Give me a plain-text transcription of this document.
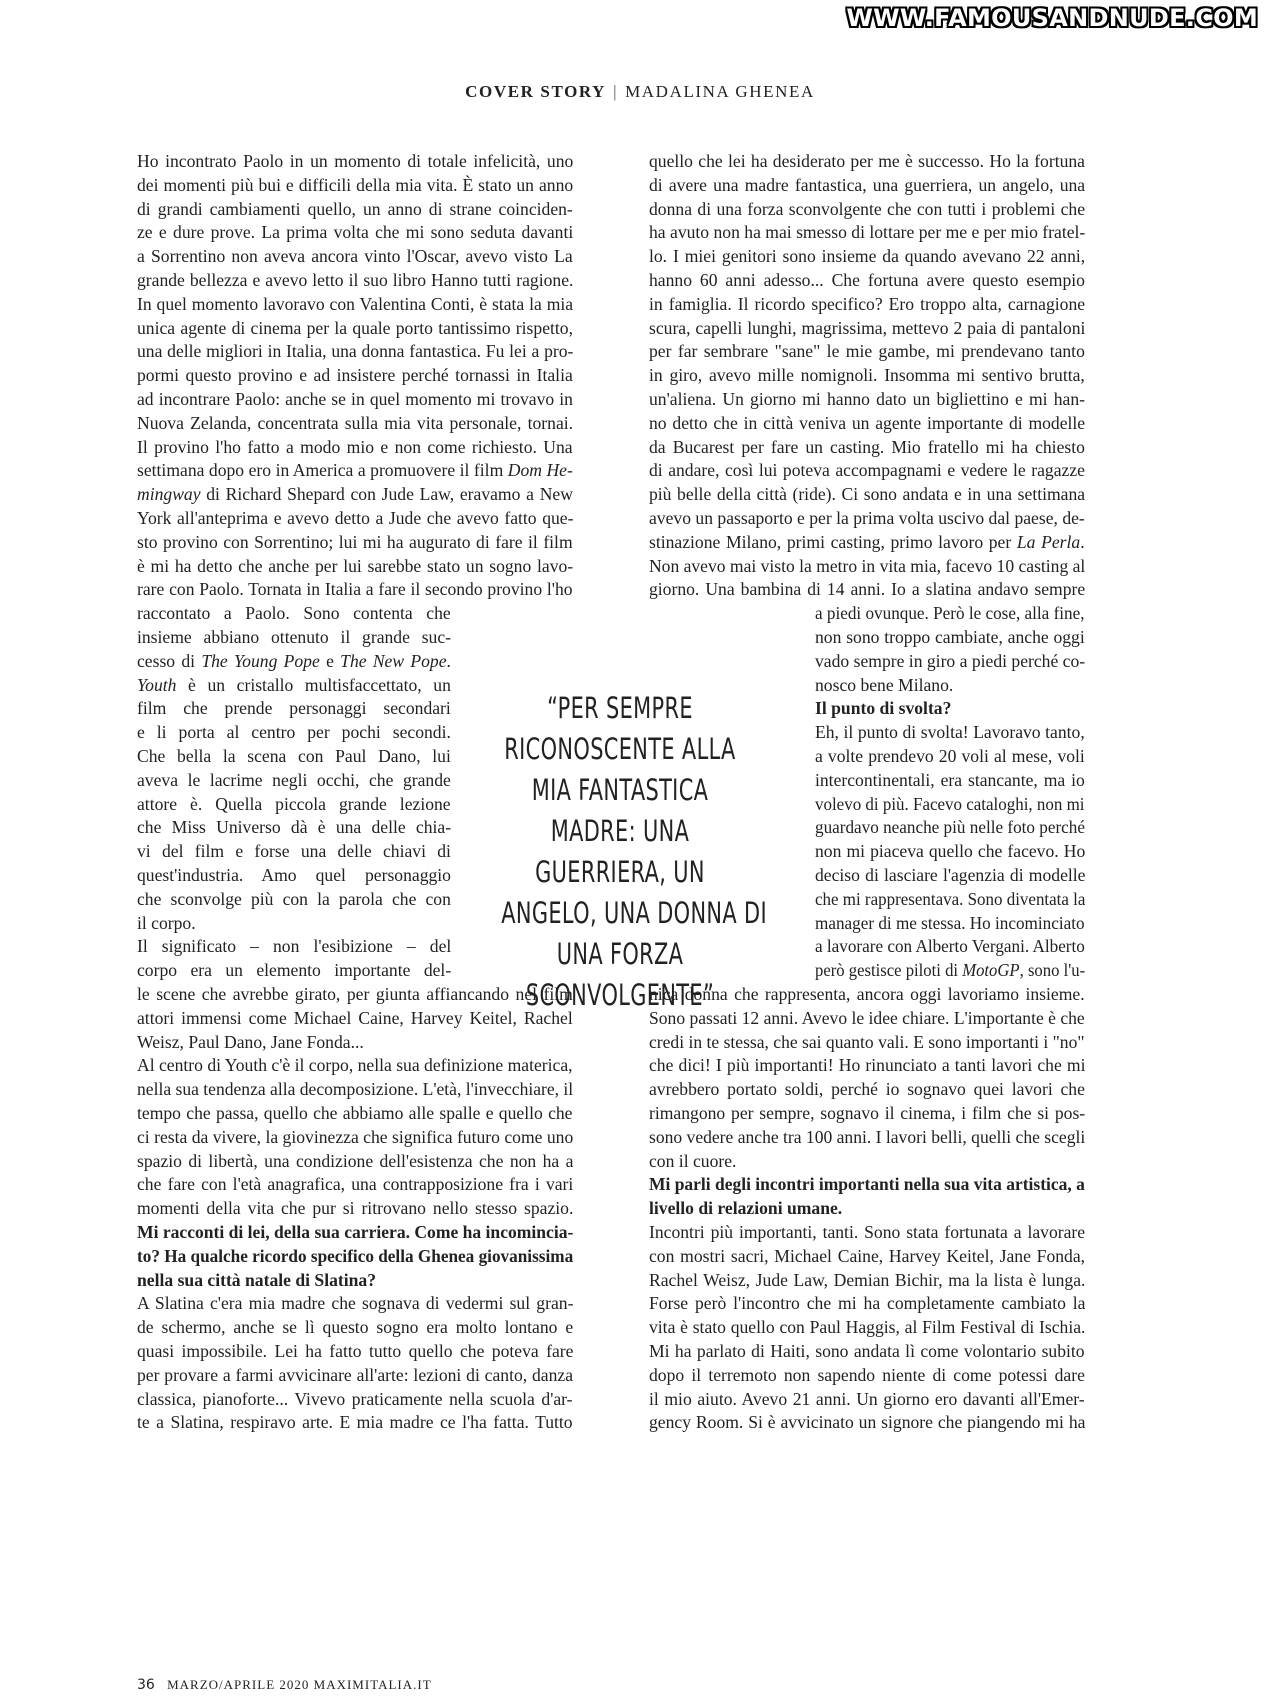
WWW.FAMOUSANDNUDE.COM
COVER STORY | MADALINA GHENEA
“PER SEMPRE
RICONOSCENTE ALLA
MIA FANTASTICA
MADRE: UNA
GUERRIERA, UN
ANGELO, UNA DONNA DI
UNA FORZA
SCONVOLGENTE”
36 MARZO/APRILE 2020 MAXIMITALIA.IT
Ho incontrato Paolo in un momento di totale infelicità, uno
dei momenti più bui e difficili della mia vita. È stato un anno
di grandi cambiamenti quello, un anno di strane coinciden-
ze e dure prove. La prima volta che mi sono seduta davanti
a Sorrentino non aveva ancora vinto l'Oscar, avevo visto La
grande bellezza e avevo letto il suo libro Hanno tutti ragione.
In quel momento lavoravo con Valentina Conti, è stata la mia
unica agente di cinema per la quale porto tantissimo rispetto,
una delle migliori in Italia, una donna fantastica. Fu lei a pro-
pormi questo provino e ad insistere perché tornassi in Italia
ad incontrare Paolo: anche se in quel momento mi trovavo in
Nuova Zelanda, concentrata sulla mia vita personale, tornai.
Il provino l'ho fatto a modo mio e non come richiesto. Una
settimana dopo ero in America a promuovere il film Dom He-
mingway di Richard Shepard con Jude Law, eravamo a New
York all'anteprima e avevo detto a Jude che avevo fatto que-
sto provino con Sorrentino; lui mi ha augurato di fare il film
è mi ha detto che anche per lui sarebbe stato un sogno lavo-
rare con Paolo. Tornata in Italia a fare il secondo provino l'ho
raccontato a Paolo. Sono contenta che
insieme abbiano ottenuto il grande suc-
cesso di The Young Pope e The New Pope.
Youth è un cristallo multisfaccettato, un
film che prende personaggi secondari
e li porta al centro per pochi secondi.
Che bella la scena con Paul Dano, lui
aveva le lacrime negli occhi, che grande
attore è. Quella piccola grande lezione
che Miss Universo dà è una delle chia-
vi del film e forse una delle chiavi di
quest'industria. Amo quel personaggio
che sconvolge più con la parola che con
il corpo.
Il significato – non l'esibizione – del
corpo era un elemento importante del-
le scene che avrebbe girato, per giunta affiancando nel film
attori immensi come Michael Caine, Harvey Keitel, Rachel
Weisz, Paul Dano, Jane Fonda...
Al centro di Youth c'è il corpo, nella sua definizione materica,
nella sua tendenza alla decomposizione. L'età, l'invecchiare, il
tempo che passa, quello che abbiamo alle spalle e quello che
ci resta da vivere, la giovinezza che significa futuro come uno
spazio di libertà, una condizione dell'esistenza che non ha a
che fare con l'età anagrafica, una contrapposizione fra i vari
momenti della vita che pur si ritrovano nello stesso spazio.
Mi racconti di lei, della sua carriera. Come ha incominciа-
to? Ha qualche ricordo specifico della Ghenea giovanissima
nella sua città natale di Slatina?
A Slatina c'era mia madre che sognava di vedermi sul gran-
de schermo, anche se lì questo sogno era molto lontano e
quasi impossibile. Lei ha fatto tutto quello che poteva fare
per provare a farmi avvicinare all'arte: lezioni di canto, danza
classica, pianoforte... Vivevo praticamente nella scuola d'ar-
te a Slatina, respiravo arte. E mia madre ce l'ha fatta. Tutto
quello che lei ha desiderato per me è successo. Ho la fortuna
di avere una madre fantastica, una guerriera, un angelo, una
donna di una forza sconvolgente che con tutti i problemi che
ha avuto non ha mai smesso di lottare per me e per mio fratel-
lo. I miei genitori sono insieme da quando avevano 22 anni,
hanno 60 anni adesso... Che fortuna avere questo esempio
in famiglia. Il ricordo specifico? Ero troppo alta, carnagione
scura, capelli lunghi, magrissima, mettevo 2 paia di pantaloni
per far sembrare "sane" le mie gambe, mi prendevano tanto
in giro, avevo mille nomignoli. Insomma mi sentivo brutta,
un'aliena. Un giorno mi hanno dato un bigliettino e mi han-
no detto che in città veniva un agente importante di modelle
da Bucarest per fare un casting. Mio fratello mi ha chiesto
di andare, così lui poteva accompagnami e vedere le ragazze
più belle della città (ride). Ci sono andata e in una settimana
avevo un passaporto e per la prima volta uscivo dal paese, de-
stinazione Milano, primi casting, primo lavoro per La Perla.
Non avevo mai visto la metro in vita mia, facevo 10 casting al
giorno. Una bambina di 14 anni. Io a slatina andavo sempre
a piedi ovunque. Però le cose, alla fine,
non sono troppo cambiate, anche oggi
vado sempre in giro a piedi perché co-
nosco bene Milano.
Il punto di svolta?
Eh, il punto di svolta! Lavoravo tanto,
a volte prendevo 20 voli al mese, voli
intercontinentali, era stancante, ma io
volevo di più. Facevo cataloghi, non mi
guardavo neanche più nelle foto perché
non mi piaceva quello che facevo. Ho
deciso di lasciare l'agenzia di modelle
che mi rappresentava. Sono diventata la
manager di me stessa. Ho incominciato
a lavorare con Alberto Vergani. Alberto
però gestisce piloti di MotoGP, sono l'u-
nica donna che rappresenta, ancora oggi lavoriamo insieme.
Sono passati 12 anni. Avevo le idee chiare. L'importante è che
credi in te stessa, che sai quanto vali. E sono importanti i "no"
che dici! I più importanti! Ho rinunciato a tanti lavori che mi
avrebbero portato soldi, perché io sognavo quei lavori che
rimangono per sempre, sognavo il cinema, i film che si pos-
sono vedere anche tra 100 anni. I lavori belli, quelli che scegli
con il cuore.
Mi parli degli incontri importanti nella sua vita artistica, a
livello di relazioni umane.
Incontri più importanti, tanti. Sono stata fortunata a lavorare
con mostri sacri, Michael Caine, Harvey Keitel, Jane Fonda,
Rachel Weisz, Jude Law, Demian Bichir, ma la lista è lunga.
Forse però l'incontro che mi ha completamente cambiato la
vita è stato quello con Paul Haggis, al Film Festival di Ischia.
Mi ha parlato di Haiti, sono andata lì come volontario subito
dopo il terremoto non sapendo niente di come potessi dare
il mio aiuto. Avevo 21 anni. Un giorno ero davanti all'Emer-
gency Room. Si è avvicinato un signore che piangendo mi ha
